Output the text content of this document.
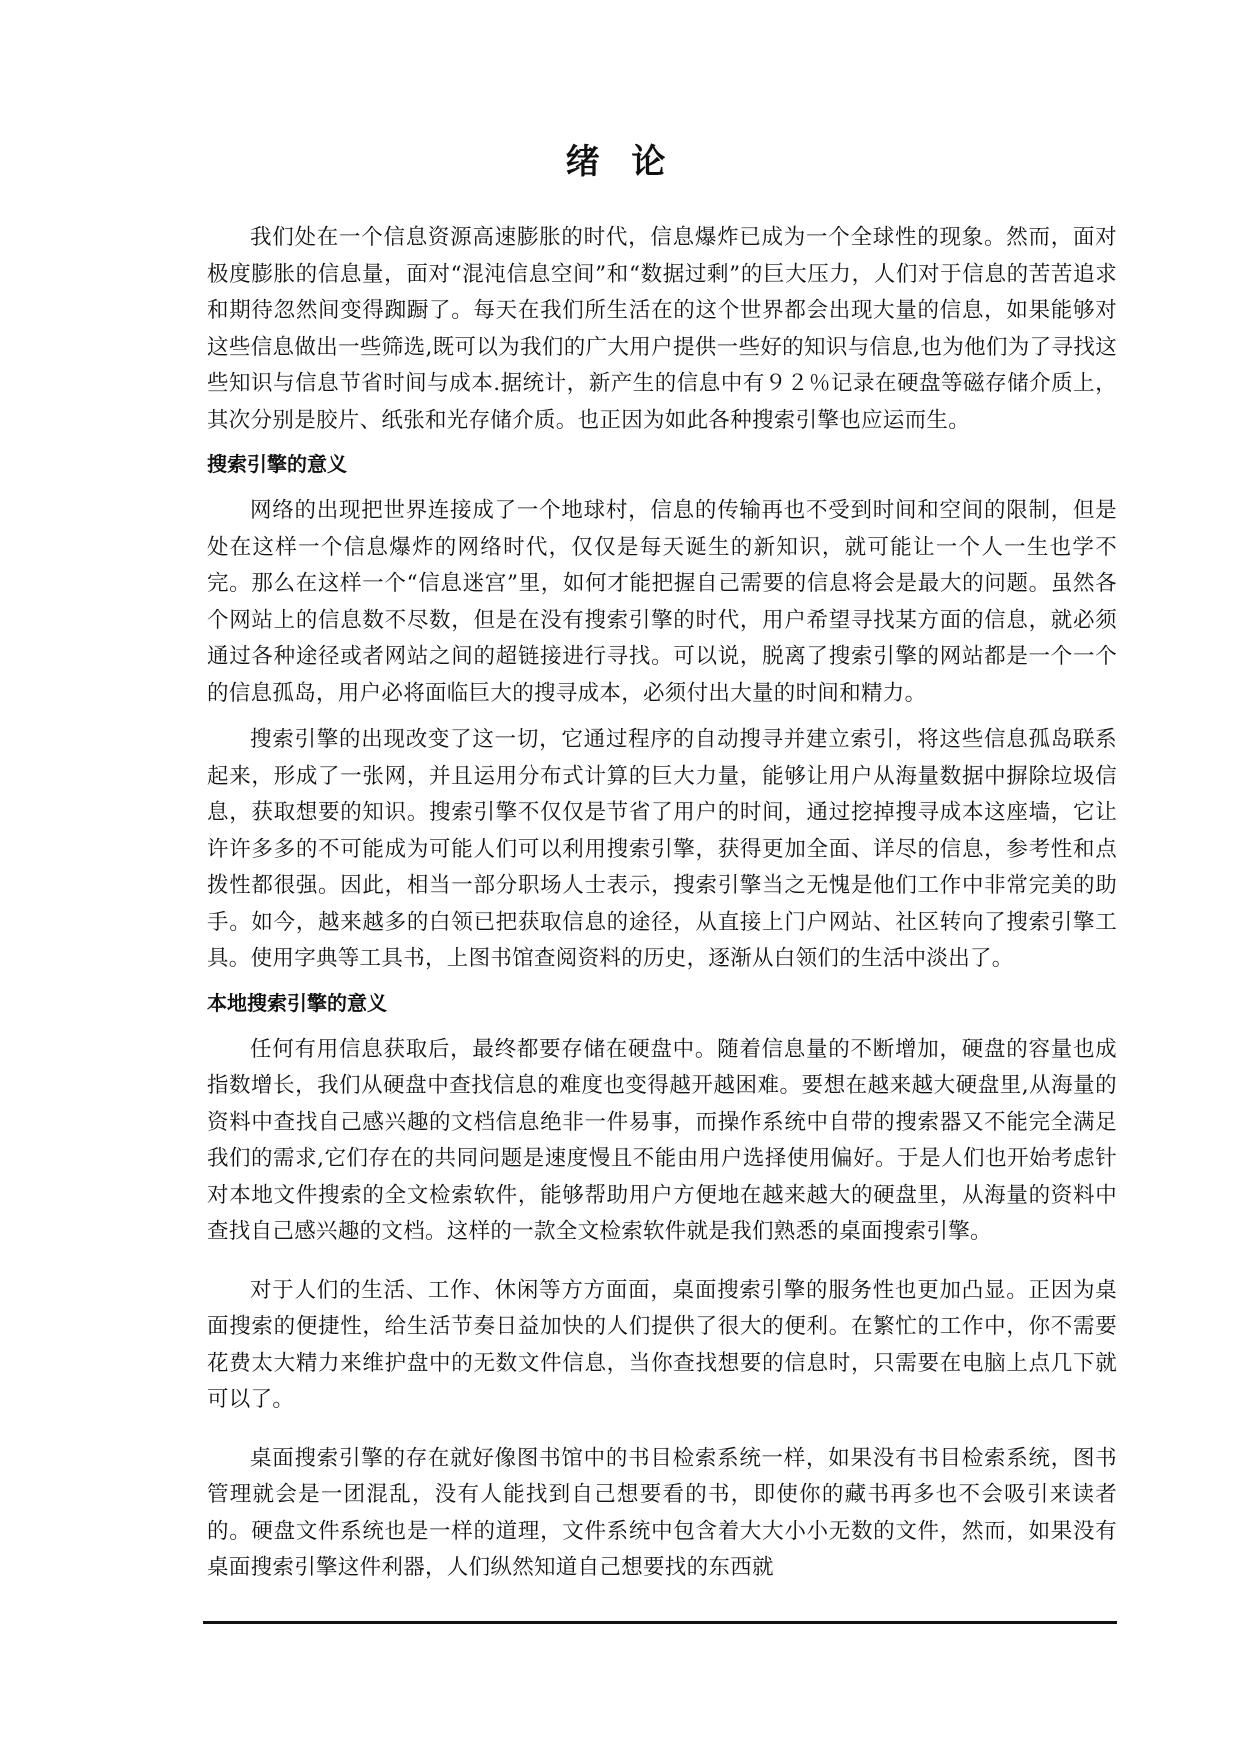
绪 论

我们处在一个信息资源高速膨胀的时代，信息爆炸已成为一个全球性的现象。然而，面对极度膨胀的信息量，面对“混沌信息空间”和“数据过剩”的巨大压力，人们对于信息的苦苦追求和期待忽然间变得踟蹰了。每天在我们所生活在的这个世界都会出现大量的信息，如果能够对这些信息做出一些筛选,既可以为我们的广大用户提供一些好的知识与信息,也为他们为了寻找这些知识与信息节省时间与成本.据统计，新产生的信息中有９２％记录在硬盘等磁存储介质上，其次分别是胶片、纸张和光存储介质。也正因为如此各种搜索引擎也应运而生。

搜索引擎的意义

网络的出现把世界连接成了一个地球村，信息的传输再也不受到时间和空间的限制，但是处在这样一个信息爆炸的网络时代，仅仅是每天诞生的新知识，就可能让一个人一生也学不完。那么在这样一个“信息迷宫”里，如何才能把握自己需要的信息将会是最大的问题。虽然各个网站上的信息数不尽数，但是在没有搜索引擎的时代，用户希望寻找某方面的信息，就必须通过各种途径或者网站之间的超链接进行寻找。可以说，脱离了搜索引擎的网站都是一个一个的信息孤岛，用户必将面临巨大的搜寻成本，必须付出大量的时间和精力。

搜索引擎的出现改变了这一切，它通过程序的自动搜寻并建立索引，将这些信息孤岛联系起来，形成了一张网，并且运用分布式计算的巨大力量，能够让用户从海量数据中摒除垃圾信息，获取想要的知识。搜索引擎不仅仅是节省了用户的时间，通过挖掉搜寻成本这座墙，它让许许多多的不可能成为可能人们可以利用搜索引擎，获得更加全面、详尽的信息，参考性和点拨性都很强。因此，相当一部分职场人士表示，搜索引擎当之无愧是他们工作中非常完美的助手。如今，越来越多的白领已把获取信息的途径，从直接上门户网站、社区转向了搜索引擎工具。使用字典等工具书，上图书馆查阅资料的历史，逐渐从白领们的生活中淡出了。

本地搜索引擎的意义

任何有用信息获取后，最终都要存储在硬盘中。随着信息量的不断增加，硬盘的容量也成指数增长，我们从硬盘中查找信息的难度也变得越开越困难。要想在越来越大硬盘里,从海量的资料中查找自己感兴趣的文档信息绝非一件易事，而操作系统中自带的搜索器又不能完全满足我们的需求,它们存在的共同问题是速度慢且不能由用户选择使用偏好。于是人们也开始考虑针对本地文件搜索的全文检索软件，能够帮助用户方便地在越来越大的硬盘里，从海量的资料中查找自己感兴趣的文档。这样的一款全文检索软件就是我们熟悉的桌面搜索引擎。

对于人们的生活、工作、休闲等方方面面，桌面搜索引擎的服务性也更加凸显。正因为桌面搜索的便捷性，给生活节奏日益加快的人们提供了很大的便利。在繁忙的工作中，你不需要花费太大精力来维护盘中的无数文件信息，当你查找想要的信息时，只需要在电脑上点几下就可以了。

桌面搜索引擎的存在就好像图书馆中的书目检索系统一样，如果没有书目检索系统，图书管理就会是一团混乱，没有人能找到自己想要看的书，即使你的藏书再多也不会吸引来读者的。硬盘文件系统也是一样的道理，文件系统中包含着大大小小无数的文件，然而，如果没有桌面搜索引擎这件利器，人们纵然知道自己想要找的东西就
